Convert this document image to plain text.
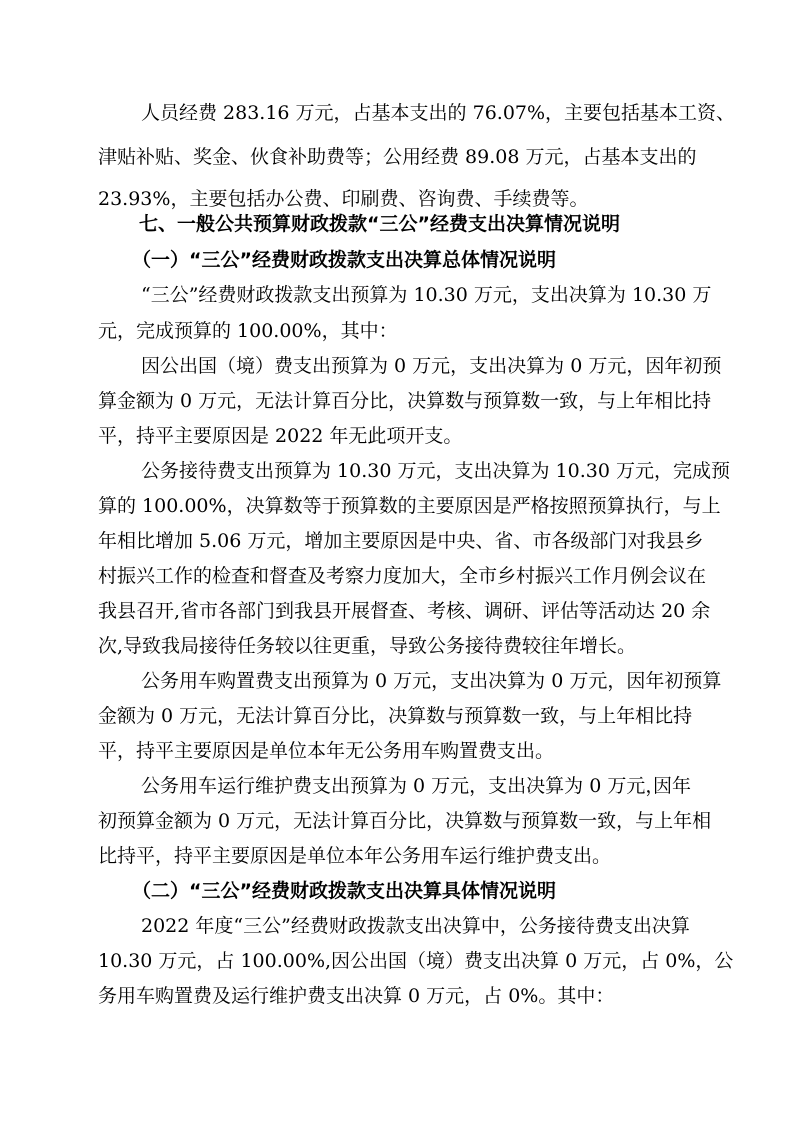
人员经费 283.16 万元，占基本支出的 76.07%，主要包括基本工资、
津贴补贴、奖金、伙食补助费等；公用经费 89.08 万元，占基本支出的
23.93%，主要包括办公费、印刷费、咨询费、手续费等。
七、一般公共预算财政拨款“三公”经费支出决算情况说明
（一）“三公”经费财政拨款支出决算总体情况说明
“三公”经费财政拨款支出预算为 10.30 万元，支出决算为 10.30 万
元，完成预算的 100.00%，其中：
因公出国（境）费支出预算为 0 万元，支出决算为 0 万元，因年初预
算金额为 0 万元，无法计算百分比，决算数与预算数一致，与上年相比持
平，持平主要原因是 2022 年无此项开支。
公务接待费支出预算为 10.30 万元，支出决算为 10.30 万元，完成预
算的 100.00%，决算数等于预算数的主要原因是严格按照预算执行，与上
年相比增加 5.06 万元，增加主要原因是中央、省、市各级部门对我县乡
村振兴工作的检查和督查及考察力度加大，全市乡村振兴工作月例会议在
我县召开,省市各部门到我县开展督查、考核、调研、评估等活动达 20 余
次,导致我局接待任务较以往更重，导致公务接待费较往年增长。
公务用车购置费支出预算为 0 万元，支出决算为 0 万元，因年初预算
金额为 0 万元，无法计算百分比，决算数与预算数一致，与上年相比持
平，持平主要原因是单位本年无公务用车购置费支出。
公务用车运行维护费支出预算为 0 万元，支出决算为 0 万元，
因年
初预算金额为 0 万元，无法计算百分比，决算数与预算数一致，与上年相
比持平，持平主要原因是单位本年公务用车运行维护费支出。
（二）“三公”经费财政拨款支出决算具体情况说明
2022 年度“三公”经费财政拨款支出决算中，公务接待费支出决算
10.30 万元，占 100.00%,因公出国（境）费支出决算 0 万元，占 0%，公
务用车购置费及运行维护费支出决算 0 万元，占 0%。其中：
